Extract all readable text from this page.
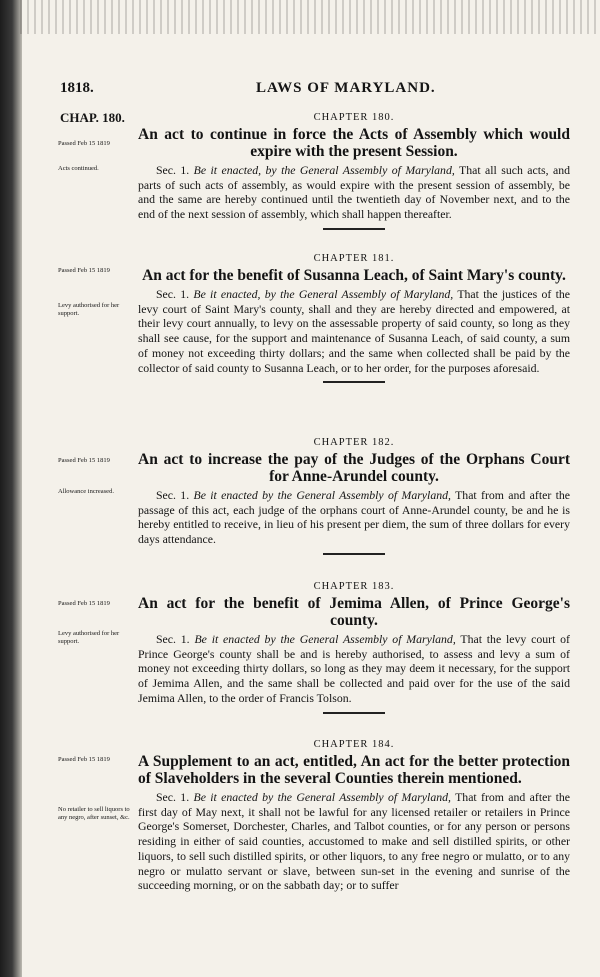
1818.	LAWS OF MARYLAND.
CHAP. 180.
Passed Feb 15 1819
Acts continued.

CHAPTER 180.

An act to continue in force the Acts of Assembly which would expire with the present Session.

Sec. 1. Be it enacted, by the General Assembly of Maryland, That all such acts, and parts of such acts of assembly, as would expire with the present session of assembly, be and the same are hereby continued until the twentieth day of November next, and to the end of the next session of assembly, which shall happen thereafter.

Passed Feb 15 1819
Levy authorised for her support.

CHAPTER 181.

An act for the benefit of Susanna Leach, of Saint Mary's county.

Sec. 1. Be it enacted, by the General Assembly of Maryland, That the justices of the levy court of Saint Mary's county, shall and they are hereby directed and empowered, at their levy court annually, to levy on the assessable property of said county, so long as they shall see cause, for the support and maintenance of Susanna Leach, of said county, a sum of money not exceeding thirty dollars; and the same when collected shall be paid by the collector of said county to Susanna Leach, or to her order, for the purposes aforesaid.

Passed Feb 15 1819
Allowance increased.

CHAPTER 182.

An act to increase the pay of the Judges of the Orphans Court for Anne-Arundel county.

Sec. 1. Be it enacted by the General Assembly of Maryland, That from and after the passage of this act, each judge of the orphans court of Anne-Arundel county, be and he is hereby entitled to receive, in lieu of his present per diem, the sum of three dollars for every days attendance.

Passed Feb 15 1819
Levy authorised for her support.

CHAPTER 183.

An act for the benefit of Jemima Allen, of Prince George's county.

Sec. 1. Be it enacted by the General Assembly of Maryland, That the levy court of Prince George's county shall be and is hereby authorised, to assess and levy a sum of money not exceeding thirty dollars, so long as they may deem it necessary, for the support of Jemima Allen, and the same shall be collected and paid over for the use of the said Jemima Allen, to the order of Francis Tolson.

Passed Feb 15 1819
No retailer to sell liquors to any negro, after sunset, &c.

CHAPTER 184.

A Supplement to an act, entitled, An act for the better protection of Slaveholders in the several Counties therein mentioned.

Sec. 1. Be it enacted by the General Assembly of Maryland, That from and after the first day of May next, it shall not be lawful for any licensed retailer or retailers in Prince George's Somerset, Dorchester, Charles, and Talbot counties, or for any person or persons residing in either of said counties, accustomed to make and sell distilled spirits, or other liquors, to sell such distilled spirits, or other liquors, to any free negro or mulatto, or to any negro or mulatto servant or slave, between sun-set in the evening and sunrise of the succeeding morning, or on the sabbath day; or to suffer
